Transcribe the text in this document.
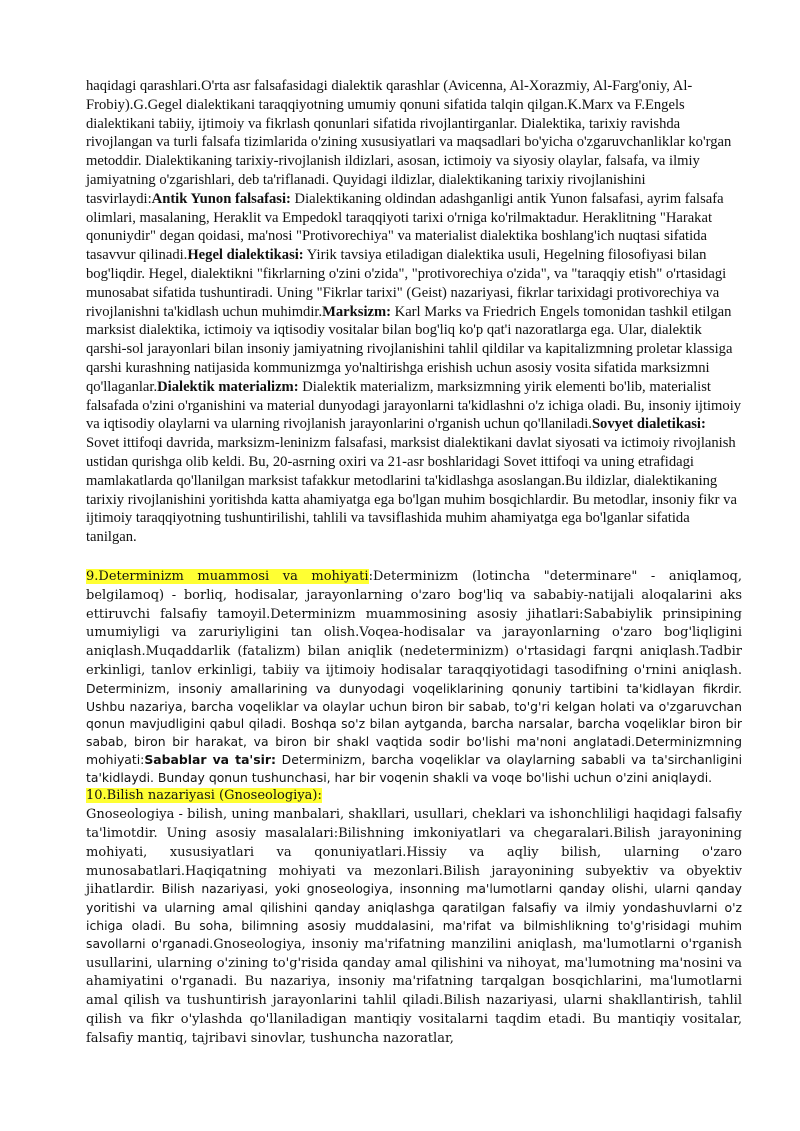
haqidagi qarashlari.O'rta asr falsafasidagi dialektik qarashlar (Avicenna, Al-Xorazmiy, Al-Farg'oniy, Al-Frobiy).G.Gegel dialektikani taraqqiyotning umumiy qonuni sifatida talqin qilgan.K.Marx va F.Engels dialektikani tabiiy, ijtimoiy va fikrlash qonunlari sifatida rivojlantirganlar. Dialektika, tarixiy ravishda rivojlangan va turli falsafa tizimlarida o'zining xususiyatlari va maqsadlari bo'yicha o'zgaruvchanliklar ko'rgan metoddir. Dialektikaning tarixiy-rivojlanish ildizlari, asosan, ictimoiy va siyosiy olaylar, falsafa, va ilmiy jamiyatning o'zgarishlari, deb ta'riflanadi. Quyidagi ildizlar, dialektikaning tarixiy rivojlanishini tasvirlaydi:Antik Yunon falsafasi: Dialektikaning oldindan adashganligi antik Yunon falsafasi, ayrim falsafa olimlari, masalaning, Heraklit va Empedokl taraqqiyoti tarixi o'rniga ko'rilmaktadur. Heraklitning "Harakat qonuniydir" degan qoidasi, ma'nosi "Protivorechiya" va materialist dialektika boshlang'ich nuqtasi sifatida tasavvur qilinadi.Hegel dialektikasi: Yirik tavsiya etiladigan dialektika usuli, Hegelning filosofiyasi bilan bog'liqdir. Hegel, dialektikni "fikrlarning o'zini o'zida", "protivorechiya o'zida", va "taraqqiy etish" o'rtasidagi munosabat sifatida tushuntiradi. Uning "Fikrlar tarixi" (Geist) nazariyasi, fikrlar tarixidagi protivorechiya va rivojlanishni ta'kidlash uchun muhimdir.Marksizm: Karl Marks va Friedrich Engels tomonidan tashkil etilgan marksist dialektika, ictimoiy va iqtisodiy vositalar bilan bog'liq ko'p qat'i nazoratlarga ega. Ular, dialektik qarshi-sol jarayonlari bilan insoniy jamiyatning rivojlanishini tahlil qildilar va kapitalizmning proletar klassiga qarshi kurashning natijasida kommunizmga yo'naltirishga erishish uchun asosiy vosita sifatida marksizmni qo'llaganlar.Dialektik materializm: Dialektik materializm, marksizmning yirik elementi bo'lib, materialist falsafada o'zini o'rganishini va material dunyodagi jarayonlarni ta'kidlashni o'z ichiga oladi. Bu, insoniy ijtimoiy va iqtisodiy olaylarni va ularning rivojlanish jarayonlarini o'rganish uchun qo'llaniladi.Sovyet dialetikasi: Sovet ittifoqi davrida, marksizm-leninizm falsafasi, marksist dialektikani davlat siyosati va ictimoiy rivojlanish ustidan qurishga olib keldi. Bu, 20-asrning oxiri va 21-asr boshlaridagi Sovet ittifoqi va uning etrafidagi mamlakatlarda qo'llanilgan marksist tafakkur metodlarini ta'kidlashga asoslangan.Bu ildizlar, dialektikaning tarixiy rivojlanishini yoritishda katta ahamiyatga ega bo'lgan muhim bosqichlardir. Bu metodlar, insoniy fikr va ijtimoiy taraqqiyotning tushuntirilishi, tahlili va tavsiflashida muhim ahamiyatga ega bo'lganlar sifatida tanilgan.

9.Determinizm muammosi va mohiyati:Determinizm (lotincha "determinare" - aniqlamoq, belgilamoq) - borliq, hodisalar, jarayonlarning o'zaro bog'liq va sababiy-natijali aloqalarini aks ettiruvchi falsafiy tamoyil.Determinizm muammosining asosiy jihatlari:Sababiylik prinsipining umumiyligi va zaruriyligini tan olish.Voqea-hodisalar va jarayonlarning o'zaro bog'liqligini aniqlash.Muqaddarlik (fatalizm) bilan aniqlik (nedeterminizm) o'rtasidagi farqni aniqlash.Tadbir erkinligi, tanlov erkinligi, tabiiy va ijtimoiy hodisalar taraqqiyotidagi tasodifning o'rnini aniqlash. Determinizm, insoniy amallarining va dunyodagi voqeliklarining qonuniy tartibini ta'kidlayan fikrdir. Ushbu nazariya, barcha voqeliklar va olaylar uchun biron bir sabab, to'g'ri kelgan holati va o'zgaruvchan qonun mavjudligini qabul qiladi. Boshqa so'z bilan aytganda, barcha narsalar, barcha voqeliklar biron bir sabab, biron bir harakat, va biron bir shakl vaqtida sodir bo'lishi ma'noni anglatadi.Determinizmning mohiyati:Sabablar va ta'sir: Determinizm, barcha voqeliklar va olaylarning sababli va ta'sirchanligini ta'kidlaydi. Bunday qonun tushunchasi, har bir voqenin shakli va voqe bo'lishi uchun o'zini aniqlaydi.

10.Bilish nazariyasi (Gnoseologiya):
Gnoseologiya - bilish, uning manbalari, shakllari, usullari, cheklari va ishonchliligi haqidagi falsafiy ta'limotdir. Uning asosiy masalalari:Bilishning imkoniyatlari va chegaralari.Bilish jarayonining mohiyati, xususiyatlari va qonuniyatlari.Hissiy va aqliy bilish, ularning o'zaro munosabatlari.Haqiqatning mohiyati va mezonlari.Bilish jarayonining subyektiv va obyektiv jihatlardir. Bilish nazariyasi, yoki gnoseologiya, insonning ma'lumotlarni qanday olishi, ularni qanday yoritishi va ularning amal qilishini qanday aniqlashga qaratilgan falsafiy va ilmiy yondashuvlarni o'z ichiga oladi. Bu soha, bilimning asosiy muddalasini, ma'rifat va bilmishlikning to'g'risidagi muhim savollarni o'rganadi.Gnoseologiya, insoniy ma'rifatning manzilini aniqlash, ma'lumotlarni o'rganish usullarini, ularning o'zining to'g'risida qanday amal qilishini va nihoyat, ma'lumotning ma'nosini va ahamiyatini o'rganadi. Bu nazariya, insoniy ma'rifatning tarqalgan bosqichlarini, ma'lumotlarni amal qilish va tushuntirish jarayonlarini tahlil qiladi.Bilish nazariyasi, ularni shakllantirish, tahlil qilish va fikr o'ylashda qo'llaniladigan mantiqiy vositalarni taqdim etadi. Bu mantiqiy vositalar, falsafiy mantiq, tajribavi sinovlar, tushuncha nazoratlar,
